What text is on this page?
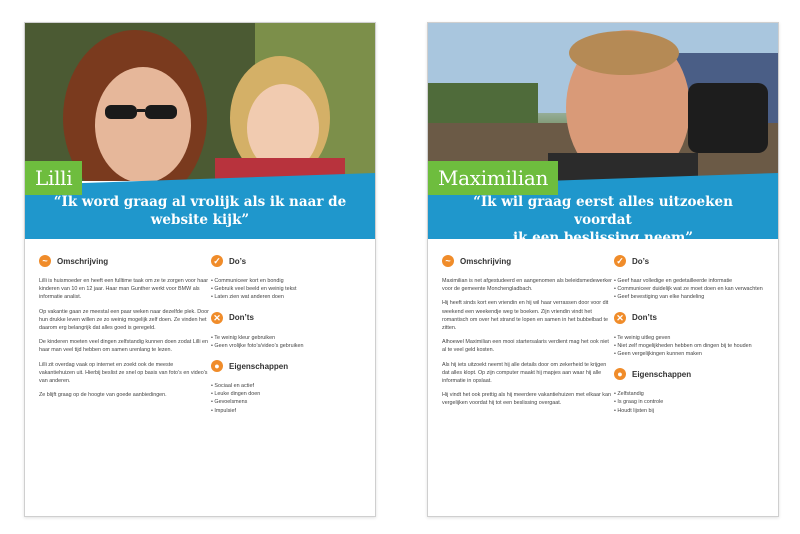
Lilli
“Ik word graag al vrolijk als ik naar de
website kijk”
~	Omschrijving

Lilli is huismoeder en heeft een fulltime taak om ze te zorgen voor haar kinderen van 10 en 12 jaar. Haar man Gunther werkt voor BMW als informatie analist.

Op vakantie gaan ze meestal een paar weken naar dezelfde plek. Door hun drukke leven willen ze zo weinig mogelijk zelf doen. Ze vinden het daarom erg belangrijk dat alles goed is geregeld.

De kinderen moeten veel dingen zelfstandig kunnen doen zodat Lilli en haar man veel tijd hebben om samen urenlang te lezen.

Lilli zit overdag vaak op internet en zoekt ook de meeste vakantiehuizen uit. Hierbij beslist ze snel op basis van foto’s en video’s van anderen.

Ze blijft graag op de hoogte van goede aanbiedingen.

✓ Do’s
• Communiceer kort en bondig
• Gebruik veel beeld en weinig tekst
• Laten zien wat anderen doen
✕ Don’ts
• Te weinig kleur gebruiken
• Geen vrolijke foto’s/video’s gebruiken
●	Eigenschappen
• Sociaal en actief
• Leuke dingen doen
• Gevoelsmens
• Impulsief
Maximilian
“Ik wil graag eerst alles uitzoeken voordat
ik een beslissing neem”
~	Omschrijving

Maximilian is net afgestudeerd en aangenomen als beleidsmedewerker voor de gemeente Monchengladbach.

Hij heeft sinds kort een vriendin en hij wil haar verrassen door voor dit weekend een weekendje weg te boeken. Zijn vriendin vindt het romantisch om over het strand te lopen en samen in het bubbelbad te zitten.

Alhoewel Maximilian een mooi startersalaris verdient mag het ook niet al te veel geld kosten.

Als hij iets uitzoekt neemt hij alle details door om zekerheid te krijgen dat alles klopt. Op zijn computer maakt hij mapjes aan waar hij alle informatie in opslaat.

Hij vindt het ook prettig als hij meerdere vakantiehuizen met elkaar kan vergelijken voordat hij tot een beslissing overgaat.

✓ Do’s
• Geef haar volledige en gedetailleerde informatie
• Communiceer duidelijk wat ze moet doen en kan verwachten
• Geef bevestiging van elke handeling
✕ Don’ts
• Te weinig uitleg geven
• Niet zelf mogelijkheden hebben om dingen bij te houden
• Geen vergelijkingen kunnen maken
●	Eigenschappen
• Zelfstandig
• Is graag in controle
• Houdt lijsten bij
